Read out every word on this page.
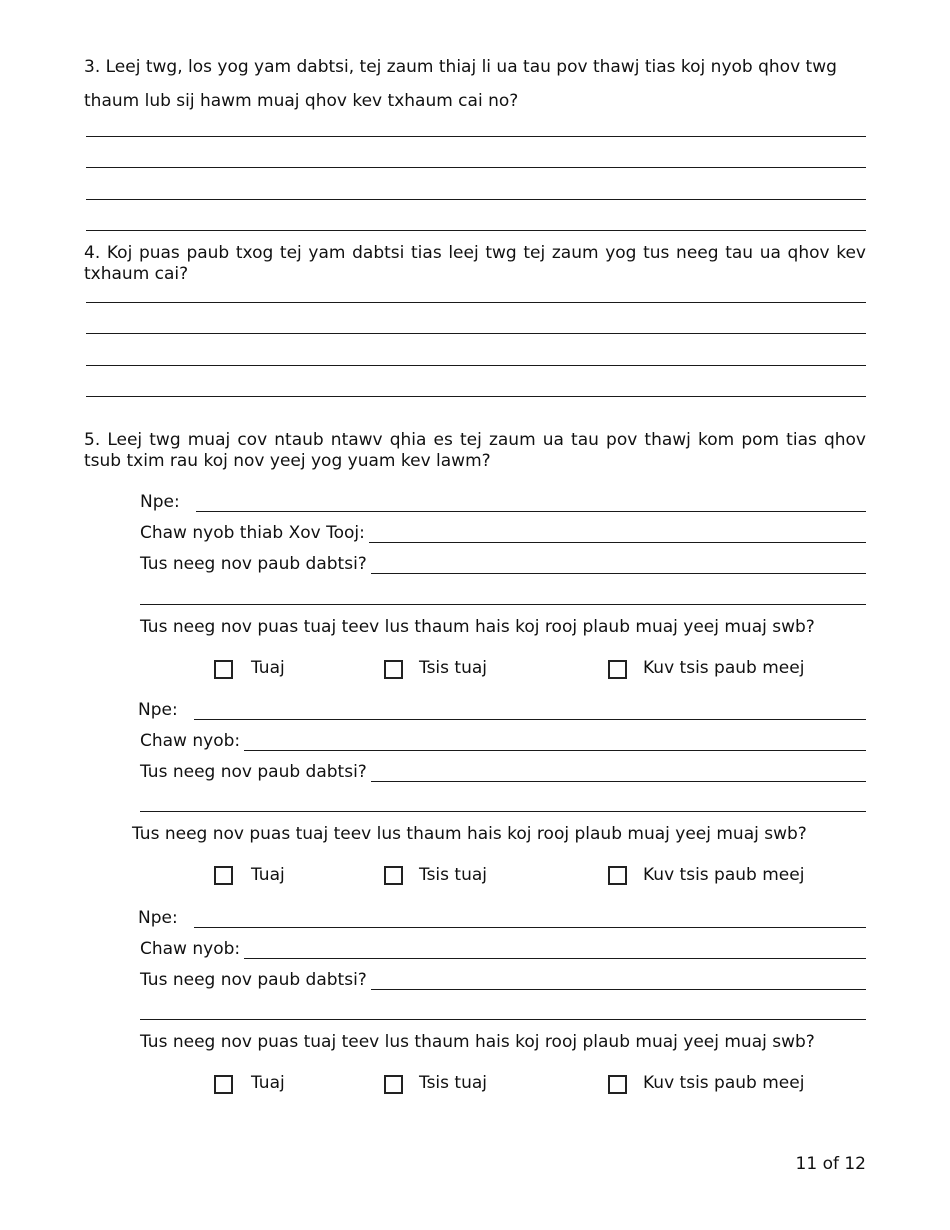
3. Leej twg, los yog yam dabtsi, tej zaum thiaj li ua tau pov thawj tias koj nyob qhov twg thaum lub sij hawm muaj qhov kev txhaum cai no?
4. Koj puas paub txog tej yam dabtsi tias leej twg tej zaum yog tus neeg tau ua qhov kev txhaum cai?
5. Leej twg muaj cov ntaub ntawv qhia es tej zaum ua tau pov thawj kom pom tias qhov tsub txim rau koj nov yeej yog yuam kev lawm?
Npe:
Chaw nyob thiab Xov Tooj:
Tus neeg nov paub dabtsi?
Tus neeg nov puas tuaj teev lus thaum hais koj rooj plaub muaj yeej muaj swb?
Tuaj	Tsis tuaj	Kuv tsis paub meej
Npe:
Chaw nyob:
Tus neeg nov paub dabtsi?
Tus neeg nov puas tuaj teev lus thaum hais koj rooj plaub muaj yeej muaj swb?
Tuaj	Tsis tuaj	Kuv tsis paub meej
Npe:
Chaw nyob:
Tus neeg nov paub dabtsi?
Tus neeg nov puas tuaj teev lus thaum hais koj rooj plaub muaj yeej muaj swb?
Tuaj	Tsis tuaj	Kuv tsis paub meej
11 of 12
